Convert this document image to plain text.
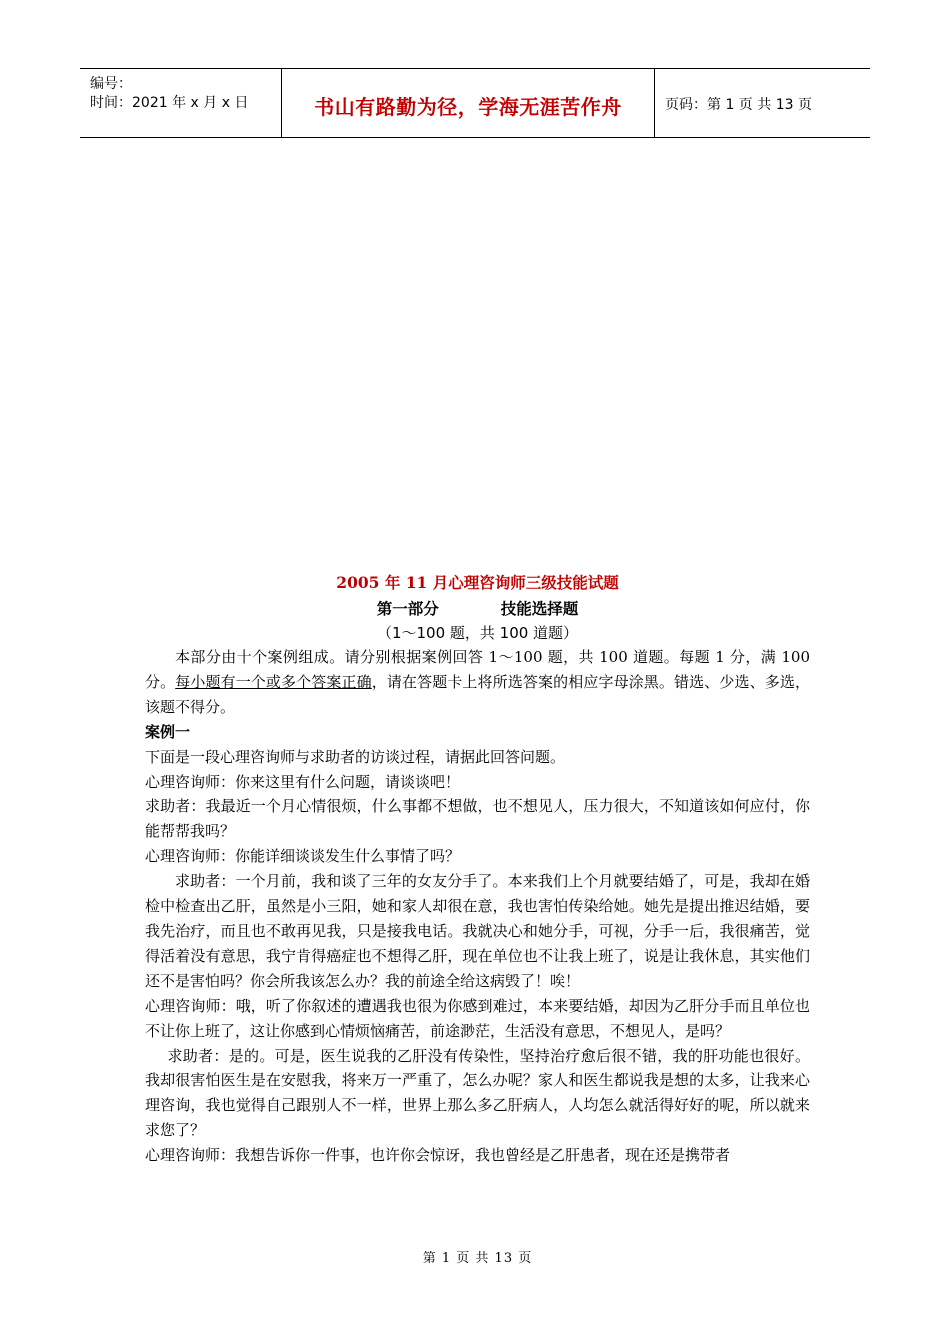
编号：
时间：2021 年 x 月 x 日	书山有路勤为径，学海无涯苦作舟	页码：第 1 页 共 13 页
2005 年 11 月心理咨询师三级技能试题
第一部分	技能选择题
（1～100 题，共 100 道题）

本部分由十个案例组成。请分别根据案例回答 1～100 题，共 100 道题。每题 1 分，满 100 分。每小题有一个或多个答案正确，请在答题卡上将所选答案的相应字母涂黑。错选、少选、多选，该题不得分。

案例一

下面是一段心理咨询师与求助者的访谈过程，请据此回答问题。

心理咨询师：你来这里有什么问题，请谈谈吧！

求助者：我最近一个月心情很烦，什么事都不想做，也不想见人，压力很大，不知道该如何应付，你能帮帮我吗？

心理咨询师：你能详细谈谈发生什么事情了吗？

求助者：一个月前，我和谈了三年的女友分手了。本来我们上个月就要结婚了，可是，我却在婚检中检查出乙肝，虽然是小三阳，她和家人却很在意，我也害怕传染给她。她先是提出推迟结婚，要我先治疗，而且也不敢再见我，只是接我电话。我就决心和她分手，可视，分手一后，我很痛苦，觉得活着没有意思，我宁肯得癌症也不想得乙肝，现在单位也不让我上班了，说是让我休息，其实他们还不是害怕吗？你会所我该怎么办？我的前途全给这病毁了！唉！

心理咨询师：哦，听了你叙述的遭遇我也很为你感到难过，本来要结婚，却因为乙肝分手而且单位也不让你上班了，这让你感到心情烦恼痛苦，前途渺茫，生活没有意思，不想见人，是吗？

求助者：是的。可是，医生说我的乙肝没有传染性，坚持治疗愈后很不错，我的肝功能也很好。我却很害怕医生是在安慰我，将来万一严重了，怎么办呢？家人和医生都说我是想的太多，让我来心理咨询，我也觉得自己跟别人不一样，世界上那么多乙肝病人，人均怎么就活得好好的呢，所以就来求您了？

心理咨询师：我想告诉你一件事，也许你会惊讶，我也曾经是乙肝患者，现在还是携带者

第 1 页 共 13 页
